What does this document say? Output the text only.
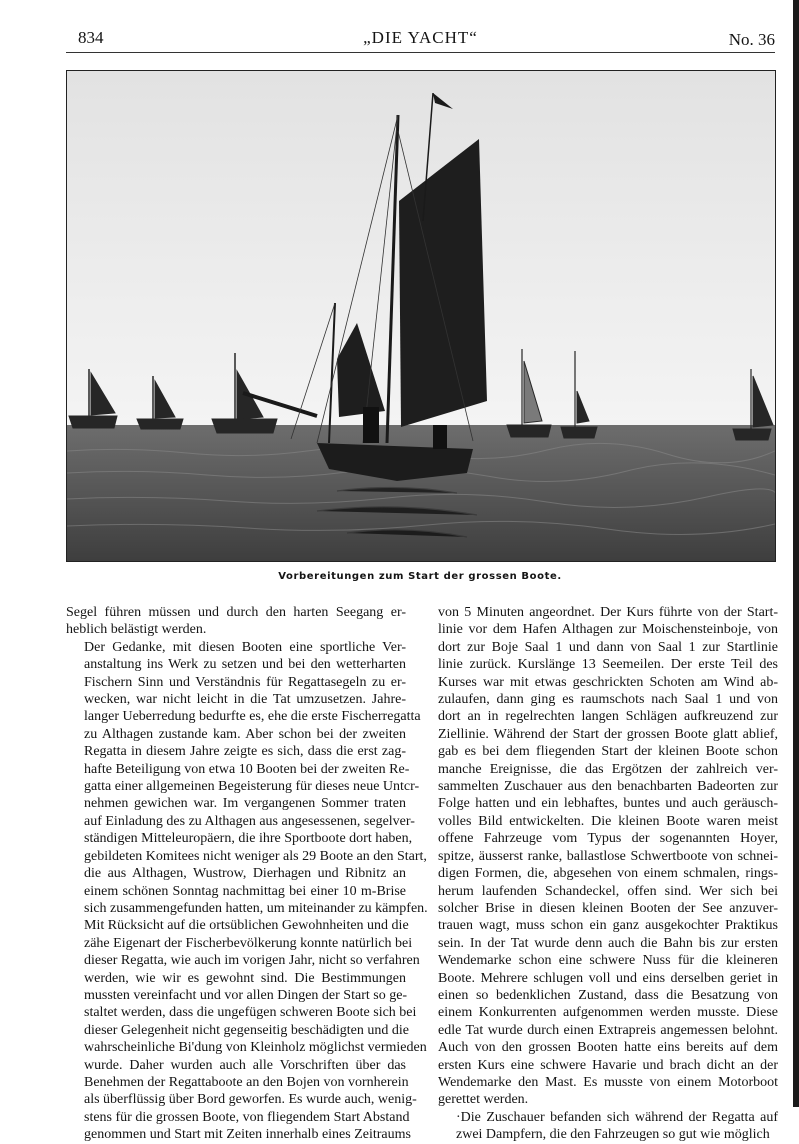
834	„DIE YACHT“	No. 36
Vorbereitungen zum Start der grossen Boote.

Segel führen müssen und durch den harten Seegang er-
heblich belästigt werden.

Der Gedanke, mit diesen Booten eine sportliche Ver-
anstaltung ins Werk zu setzen und bei den wetterharten
Fischern Sinn und Verständnis für Regattasegeln zu er-
wecken, war nicht leicht in die Tat umzusetzen. Jahre-
langer Ueberredung bedurfte es, ehe die erste Fischerregatta
zu Althagen zustande kam. Aber schon bei der zweiten
Regatta in diesem Jahre zeigte es sich, dass die erst zag-
hafte Beteiligung von etwa 10 Booten bei der zweiten Re-
gatta einer allgemeinen Begeisterung für dieses neue Untcr-
nehmen gewichen war. Im vergangenen Sommer traten
auf Einladung des zu Althagen aus angesessenen, segelver-
ständigen Mitteleuropäern, die ihre Sportboote dort haben,
gebildeten Komitees nicht weniger als 29 Boote an den Start,
die aus Althagen, Wustrow, Dierhagen und Ribnitz an
einem schönen Sonntag nachmittag bei einer 10 m-Brise
sich zusammengefunden hatten, um miteinander zu kämpfen.
Mit Rücksicht auf die ortsüblichen Gewohnheiten und die
zähe Eigenart der Fischerbevölkerung konnte natürlich bei
dieser Regatta, wie auch im vorigen Jahr, nicht so verfahren
werden, wie wir es gewohnt sind. Die Bestimmungen
mussten vereinfacht und vor allen Dingen der Start so ge-
staltet werden, dass die ungefügen schweren Boote sich bei
dieser Gelegenheit nicht gegenseitig beschädigten und die
wahrscheinliche Bi'dung von Kleinholz möglichst vermieden
wurde. Daher wurden auch alle Vorschriften über das
Benehmen der Regattaboote an den Bojen von vornherein
als überflüssig über Bord geworfen. Es wurde auch, wenig-
stens für die grossen Boote, von fliegendem Start Abstand
genommen und Start mit Zeiten innerhalb eines Zeitraums

von 5 Minuten angeordnet. Der Kurs führte von der Start-
linie vor dem Hafen Althagen zur Moischensteinboje, von
dort zur Boje Saal 1 und dann von Saal 1 zur Startlinie
linie zurück. Kurslänge 13 Seemeilen. Der erste Teil des
Kurses war mit etwas geschrickten Schoten am Wind ab-
zulaufen, dann ging es raumschots nach Saal 1 und von
dort an in regelrechten langen Schlägen aufkreuzend zur
Ziellinie. Während der Start der grossen Boote glatt ablief,
gab es bei dem fliegenden Start der kleinen Boote schon
manche Ereignisse, die das Ergötzen der zahlreich ver-
sammelten Zuschauer aus den benachbarten Badeorten zur
Folge hatten und ein lebhaftes, buntes und auch geräusch-
volles Bild entwickelten. Die kleinen Boote waren meist
offene Fahrzeuge vom Typus der sogenannten Hoyer,
spitze, äusserst ranke, ballastlose Schwertboote von schnei-
digen Formen, die, abgesehen von einem schmalen, rings-
herum laufenden Schandeckel, offen sind. Wer sich bei
solcher Brise in diesen kleinen Booten der See anzuver-
trauen wagt, muss schon ein ganz ausgekochter Praktikus
sein. In der Tat wurde denn auch die Bahn bis zur ersten
Wendemarke schon eine schwere Nuss für die kleineren
Boote. Mehrere schlugen voll und eins derselben geriet in
einen so bedenklichen Zustand, dass die Besatzung von
einem Konkurrenten aufgenommen werden musste. Diese
edle Tat wurde durch einen Extrapreis angemessen belohnt.
Auch von den grossen Booten hatte eins bereits auf dem
ersten Kurs eine schwere Havarie und brach dicht an der
Wendemarke den Mast. Es musste von einem Motorboot
gerettet werden.

·Die Zuschauer befanden sich während der Regatta auf
zwei Dampfern, die den Fahrzeugen so gut wie möglich
